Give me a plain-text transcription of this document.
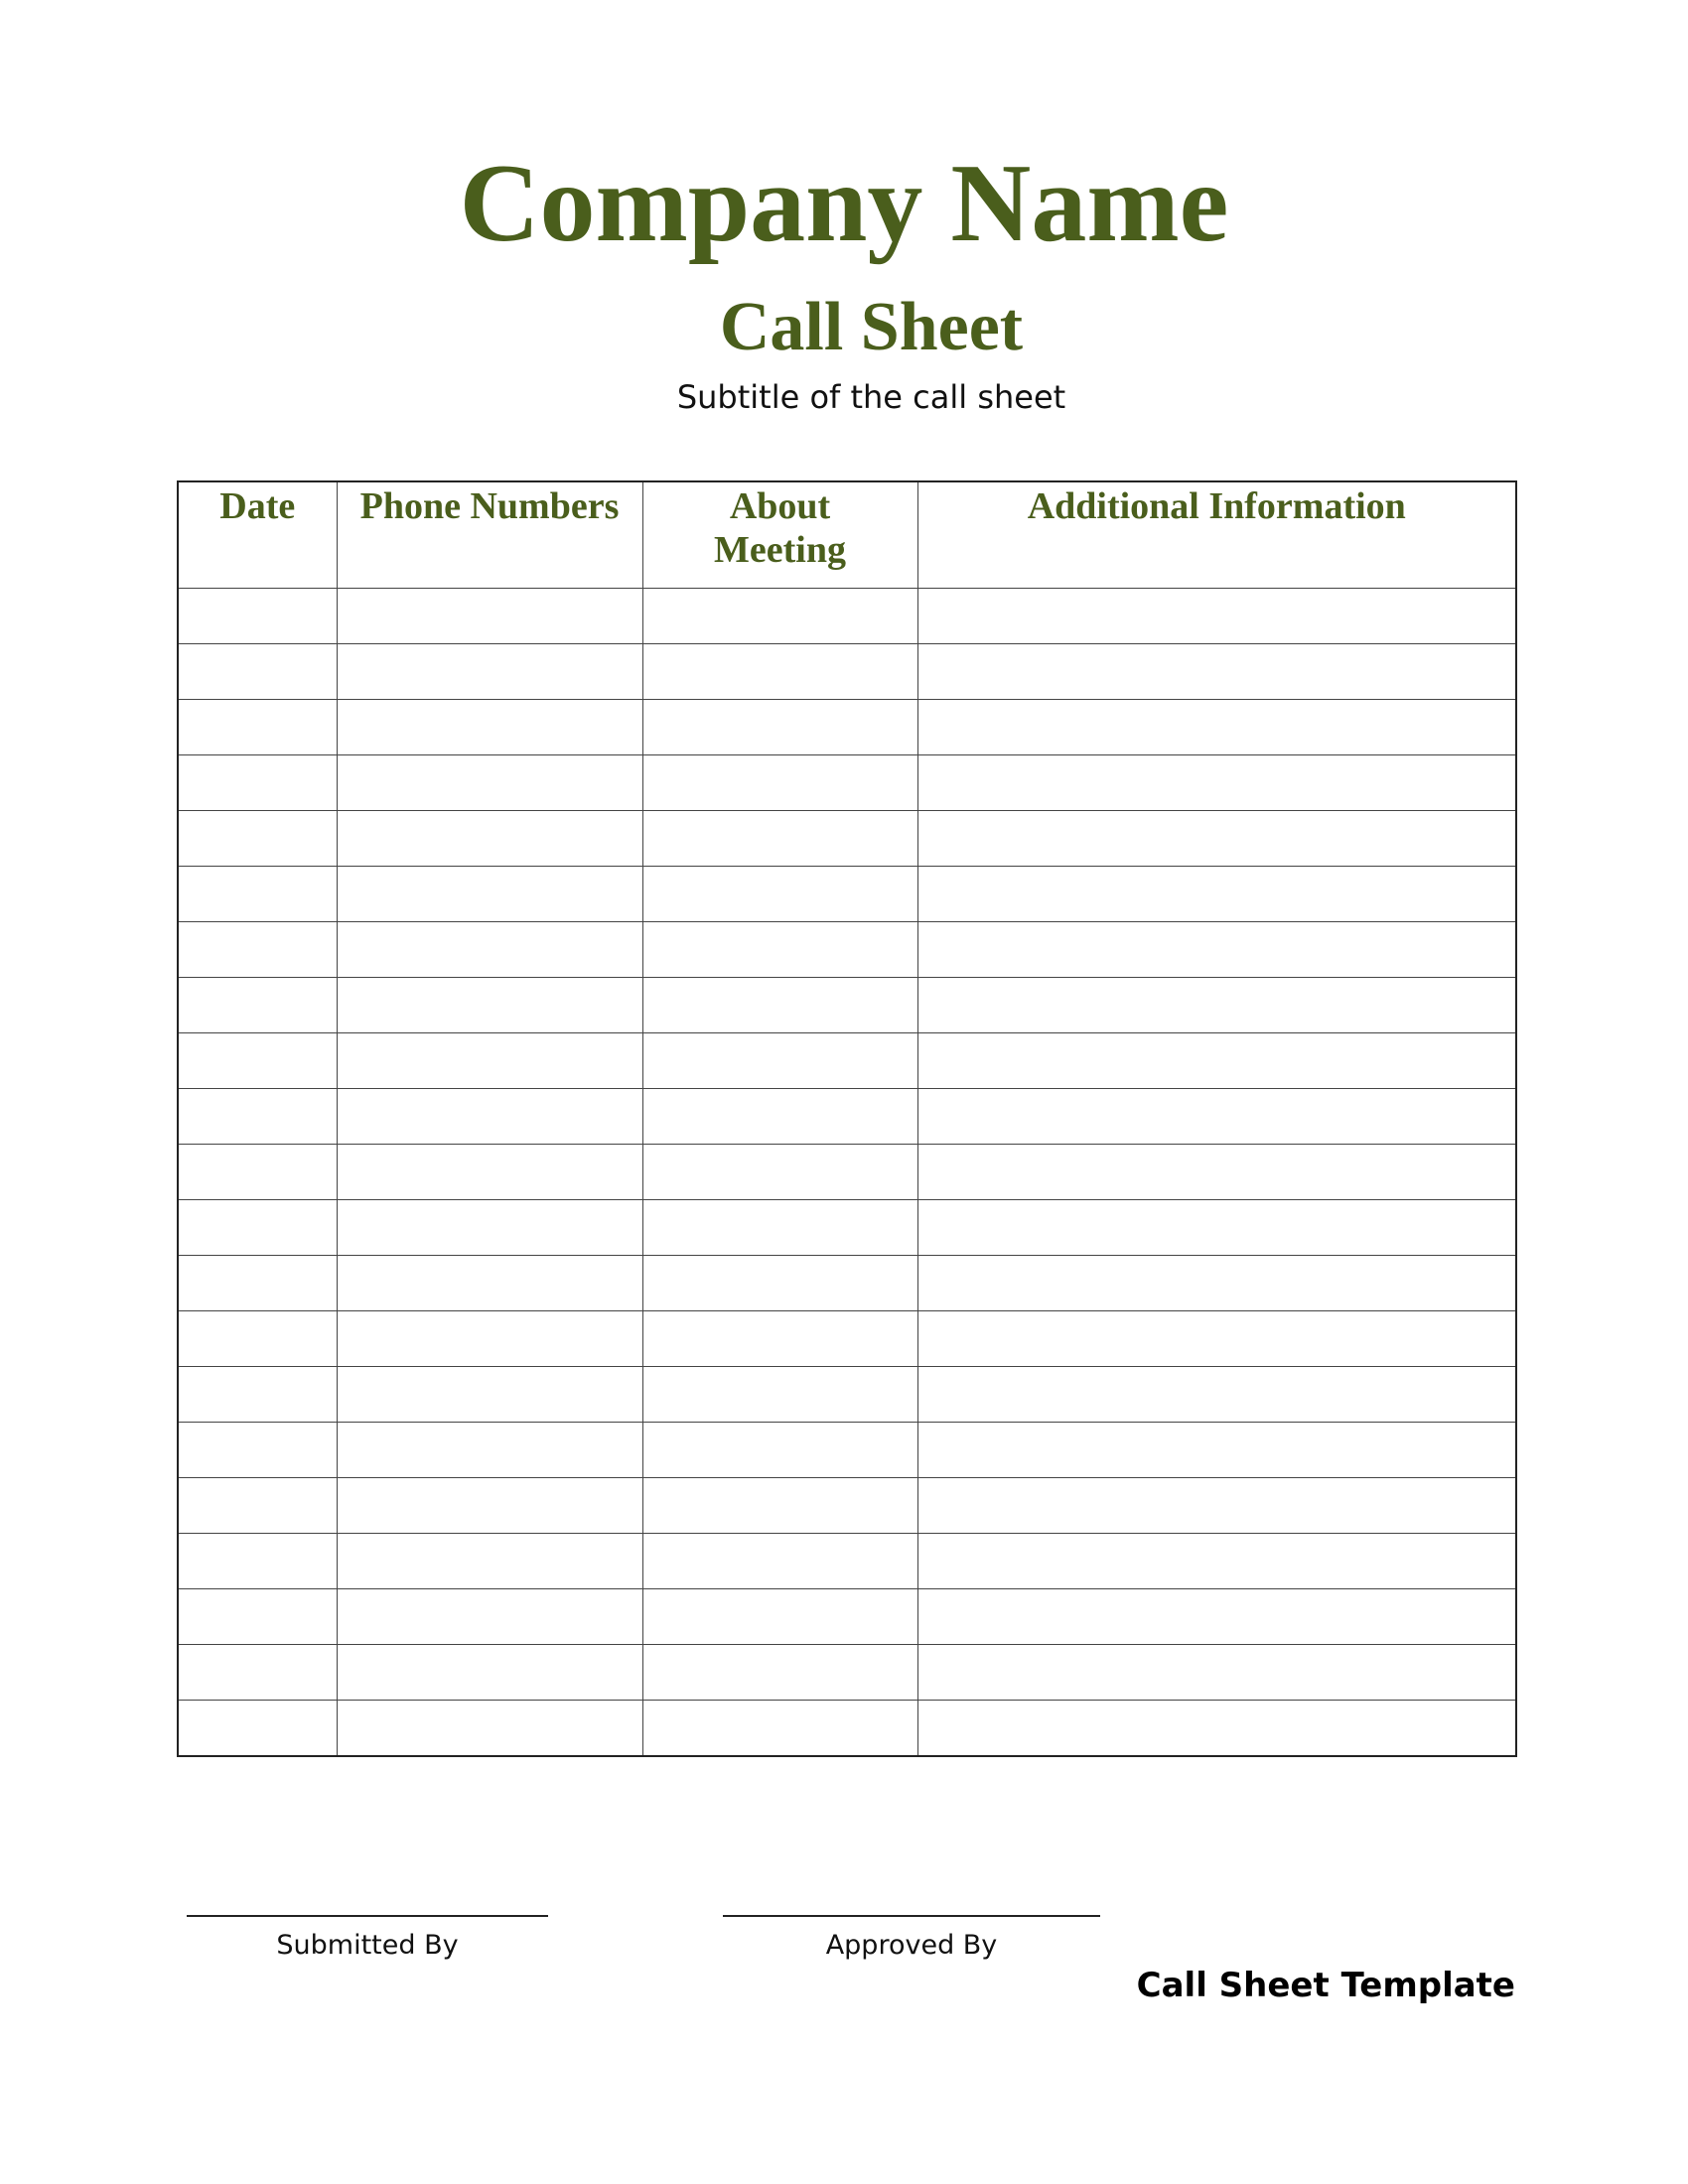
Company Name
Call Sheet
Subtitle of the call sheet
Date	Phone Numbers	About Meeting	Additional Information

Submitted By	Approved By
Call Sheet Template
